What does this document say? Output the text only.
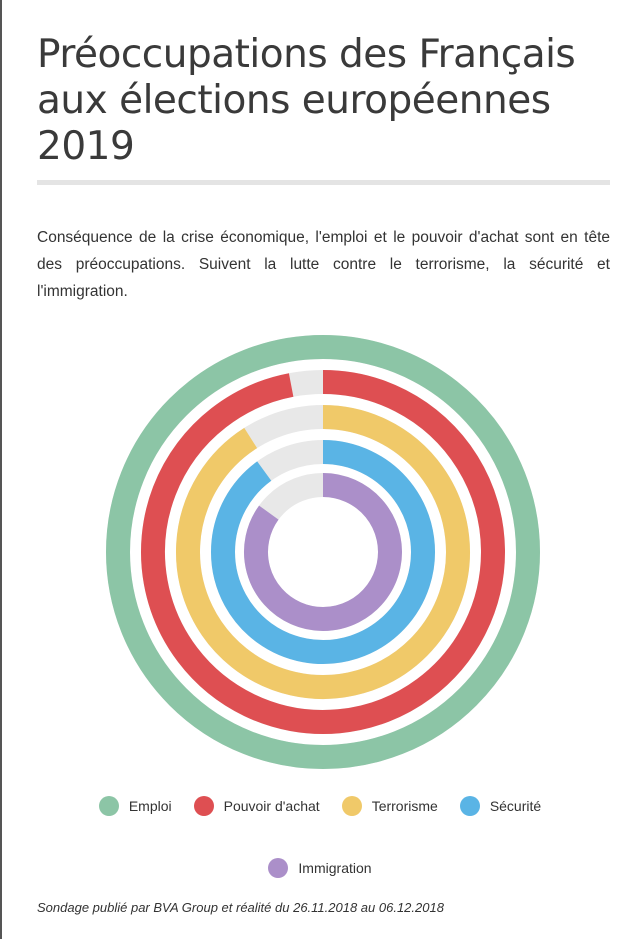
Préoccupations des Français aux élections européennes 2019

Conséquence de la crise économique, l'emploi et le pouvoir d'achat sont en tête des préoccupations. Suivent la lutte contre le terrorisme, la sécurité et l'immigration.

Emploi	Pouvoir d'achat	Terrorisme	Sécurité
Immigration

Sondage publié par BVA Group et réalité du 26.11.2018 au 06.12.2018
